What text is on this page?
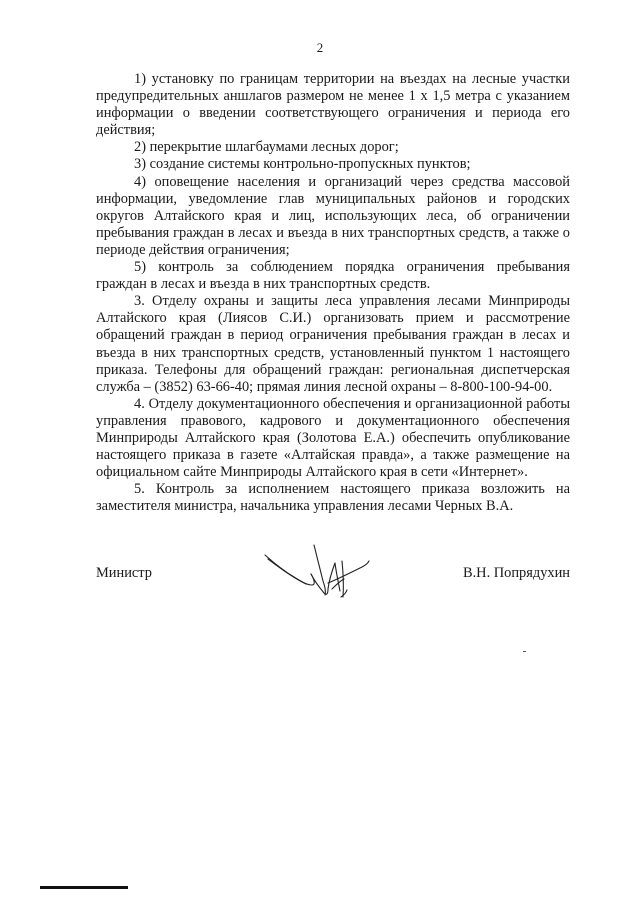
2

1) установку по границам территории на въездах на лесные участки предупредительных аншлагов размером не менее 1 х 1,5 метра с указанием информации о введении соответствующего ограничения и периода его действия;

2) перекрытие шлагбаумами лесных дорог;

3) создание системы контрольно-пропускных пунктов;

4) оповещение населения и организаций через средства массовой информации, уведомление глав муниципальных районов и городских округов Алтайского края и лиц, использующих леса, об ограничении пребывания граждан в лесах и въезда в них транспортных средств, а также о периоде действия ограничения;

5) контроль за соблюдением порядка ограничения пребывания граждан в лесах и въезда в них транспортных средств.

3. Отделу охраны и защиты леса управления лесами Минприроды Алтайского края (Лиясов С.И.) организовать прием и рассмотрение обращений граждан в период ограничения пребывания граждан в лесах и въезда в них транспортных средств, установленный пунктом 1 настоящего приказа. Телефоны для обращений граждан: региональная диспетчерская служба – (3852) 63-66-40; прямая линия лесной охраны – 8-800-100-94-00.

4. Отделу документационного обеспечения и организационной работы управления правового, кадрового и документационного обеспечения Минприроды Алтайского края (Золотова Е.А.) обеспечить опубликование настоящего приказа в газете «Алтайская правда», а также размещение на официальном сайте Минприроды Алтайского края в сети «Интернет».

5. Контроль за исполнением настоящего приказа возложить на заместителя министра, начальника управления лесами Черных В.А.

Министр	В.Н. Попрядухин
